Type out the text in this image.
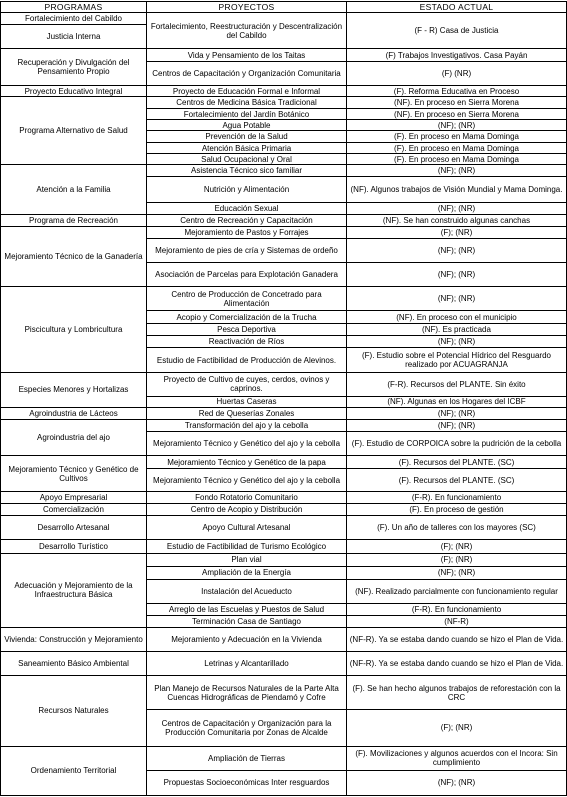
PROGRAMAS	PROYECTOS	ESTADO ACTUAL
Fortalecimiento del Cabildo	Fortalecimiento, Reestructuración y Descentralización del Cabildo	(F - R) Casa de Justicia
Justicia Interna		
Recuperación y Divulgación del Pensamiento Propio	Vida y Pensamiento de los Taitas	(F) Trabajos Investigativos. Casa Payán
	Centros de Capacitación y Organización Comunitaria	(F) (NR)
Proyecto Educativo Integral	Proyecto de Educación Formal e Informal	(F). Reforma Educativa en Proceso
Programa Alternativo de Salud	Centros de Medicina Básica Tradicional	(NF). En proceso en Sierra Morena
	Fortalecimiento del Jardín Botánico	(NF). En proceso en Sierra Morena
	Agua Potable	(NF); (NR)
	Prevención de la Salud	(F). En proceso en Mama Dominga
	Atención Básica Primaria	(F). En proceso en Mama Dominga
	Salud Ocupacional y Oral	(F). En proceso en Mama Dominga
Atención a la Familia	Asistencia Técnico sico familiar	(NF); (NR)
	Nutrición y Alimentación	(NF). Algunos trabajos de Visión Mundial y Mama Dominga.

	Educación Sexual	(NF); (NR)
Programa de Recreación	Centro de Recreación y Capacitación	(NF). Se han construido algunas canchas
Mejoramiento Técnico de la Ganadería	Mejoramiento de Pastos y Forrajes	(F); (NR)
	Mejoramiento de pies de cría y Sistemas de ordeño	(NF); (NR)
	Asociación de Parcelas para Explotación Ganadera	(NF); (NR)

Piscicultura y Lombricultura	Centro de Producción de Concetrado para Alimentación	(NF); (NR)
	Acopio y Comercialización de la Trucha	(NF). En proceso con el municipio
	Pesca Deportiva	(NF). Es practicada
	Reactivación de Ríos	(NF); (NR)
	Estudio de Factibilidad de Producción de Alevinos.	(F). Estudio sobre el Potencial Hídrico del Resguardo realizado por ACUAGRANJA
Especies Menores y Hortalizas	Proyecto de Cultivo de cuyes, cerdos, ovinos y caprinos.	(F-R). Recursos del PLANTE. Sin éxito
	Huertas Caseras	(NF). Algunas en los Hogares del ICBF
Agroindustria de Lácteos	Red de Queserías Zonales	(NF); (NR)
Agroindustria del ajo	Transformación del ajo y la cebolla	(NF); (NR)
	Mejoramiento Técnico y Genético del ajo y la cebolla	(F). Estudio de CORPOICA sobre la pudrición de la cebolla
Mejoramiento Técnico y Genético de Cultivos	Mejoramiento Técnico y Genético de la papa	(F). Recursos del PLANTE. (SC)
	Mejoramiento Técnico y Genético del ajo y la cebolla	(F). Recursos del PLANTE. (SC)
Apoyo Empresarial	Fondo Rotatorio Comunitario	(F-R). En funcionamiento
Comercialización	Centro de Acopio y Distribución	(F). En proceso de gestión
Desarrollo Artesanal	Apoyo Cultural Artesanal	(F). Un año de talleres con los mayores (SC)
Desarrollo Turístico	Estudio de Factibilidad de Turismo Ecológico	(F); (NR)
Adecuación y Mejoramiento de la Infraestructura Básica	Plan vial	(F); (NR)
	Ampliación de la Energía	(NF); (NR)
	Instalación del Acueducto	(NF). Realizado parcialmente con funcionamiento regular
	Arreglo de las Escuelas y Puestos de Salud	(F-R). En funcionamiento
	Terminación Casa de Santiago	(NF-R)
Vivienda: Construcción y Mejoramiento	Mejoramiento y Adecuación en la Vivienda	(NF-R). Ya se estaba dando cuando se hizo el Plan de Vida.
Saneamiento Básico Ambiental	Letrinas y Alcantarillado	(NF-R). Ya se estaba dando cuando se hizo el Plan de Vida.
Recursos Naturales	Plan Manejo de Recursos Naturales de la Parte Alta Cuencas Hidrográficas de Piendamó y Cofre	(F). Se han hecho algunos trabajos de reforestación con la CRC
	Centros de Capacitación y Organización para la Producción Comunitaria por Zonas de Alcalde	(F); (NR)
Ordenamiento Territorial	Ampliación de Tierras	(F). Movilizaciones y algunos acuerdos con el Incora: Sin cumplimiento
	Propuestas Socioeconómicas Inter resguardos	(NF); (NR)
